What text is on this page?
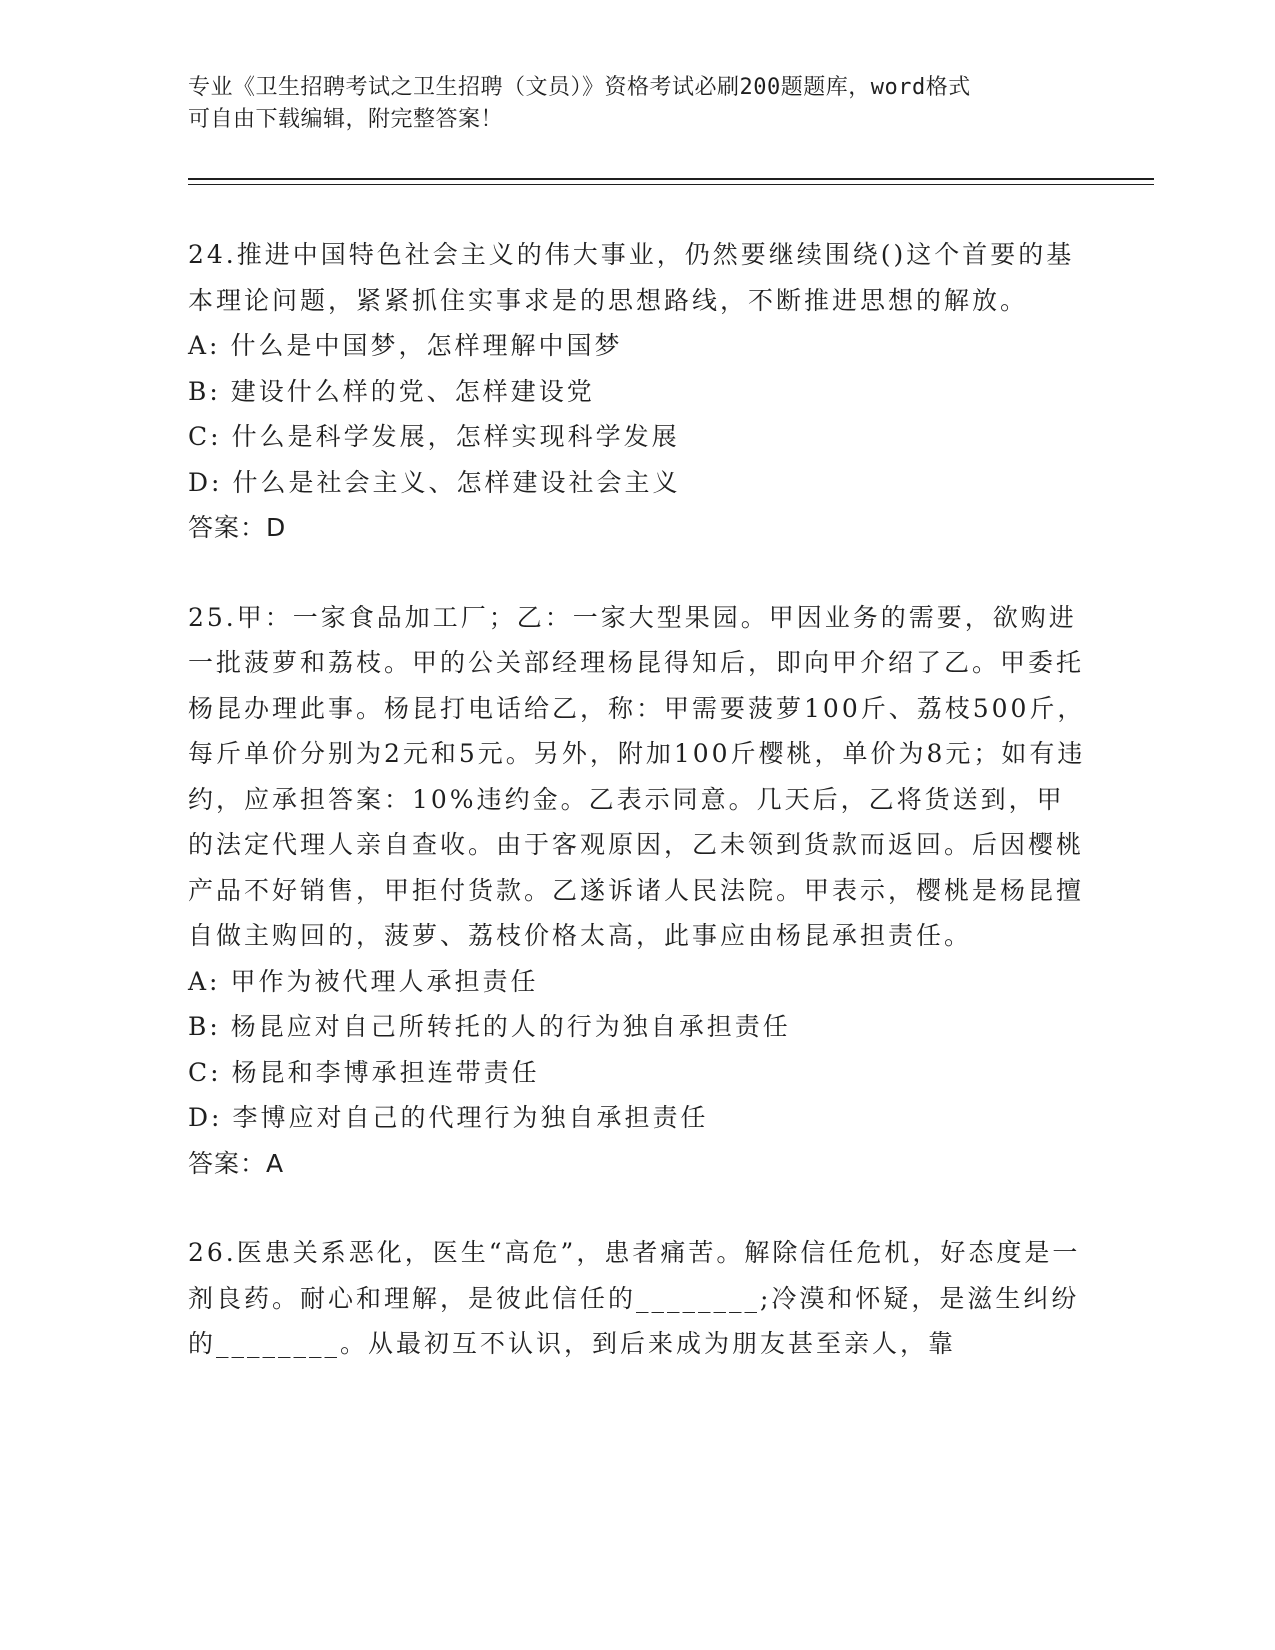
专业《卫生招聘考试之卫生招聘（文员）》资格考试必刷200题题库，word格式
可自由下载编辑，附完整答案！

24.推进中国特色社会主义的伟大事业，仍然要继续围绕()这个首要的基本理论问题，紧紧抓住实事求是的思想路线，不断推进思想的解放。

A: 什么是中国梦，怎样理解中国梦

B: 建设什么样的党、怎样建设党

C: 什么是科学发展，怎样实现科学发展

D: 什么是社会主义、怎样建设社会主义

答案：D

25.甲：一家食品加工厂；乙：一家大型果园。甲因业务的需要，欲购进一批菠萝和荔枝。甲的公关部经理杨昆得知后，即向甲介绍了乙。甲委托杨昆办理此事。杨昆打电话给乙，称：甲需要菠萝100斤、荔枝500斤，每斤单价分别为2元和5元。另外，附加100斤樱桃，单价为8元；如有违约，应承担答案：10%违约金。乙表示同意。几天后，乙将货送到，甲的法定代理人亲自查收。由于客观原因，乙未领到货款而返回。后因樱桃产品不好销售，甲拒付货款。乙遂诉诸人民法院。甲表示，樱桃是杨昆擅自做主购回的，菠萝、荔枝价格太高，此事应由杨昆承担责任。

A: 甲作为被代理人承担责任

B: 杨昆应对自己所转托的人的行为独自承担责任

C: 杨昆和李博承担连带责任

D: 李博应对自己的代理行为独自承担责任

答案：A

26.医患关系恶化，医生“高危”，患者痛苦。解除信任危机，好态度是一剂良药。耐心和理解，是彼此信任的________;冷漠和怀疑，是滋生纠纷的________。从最初互不认识，到后来成为朋友甚至亲人，靠
